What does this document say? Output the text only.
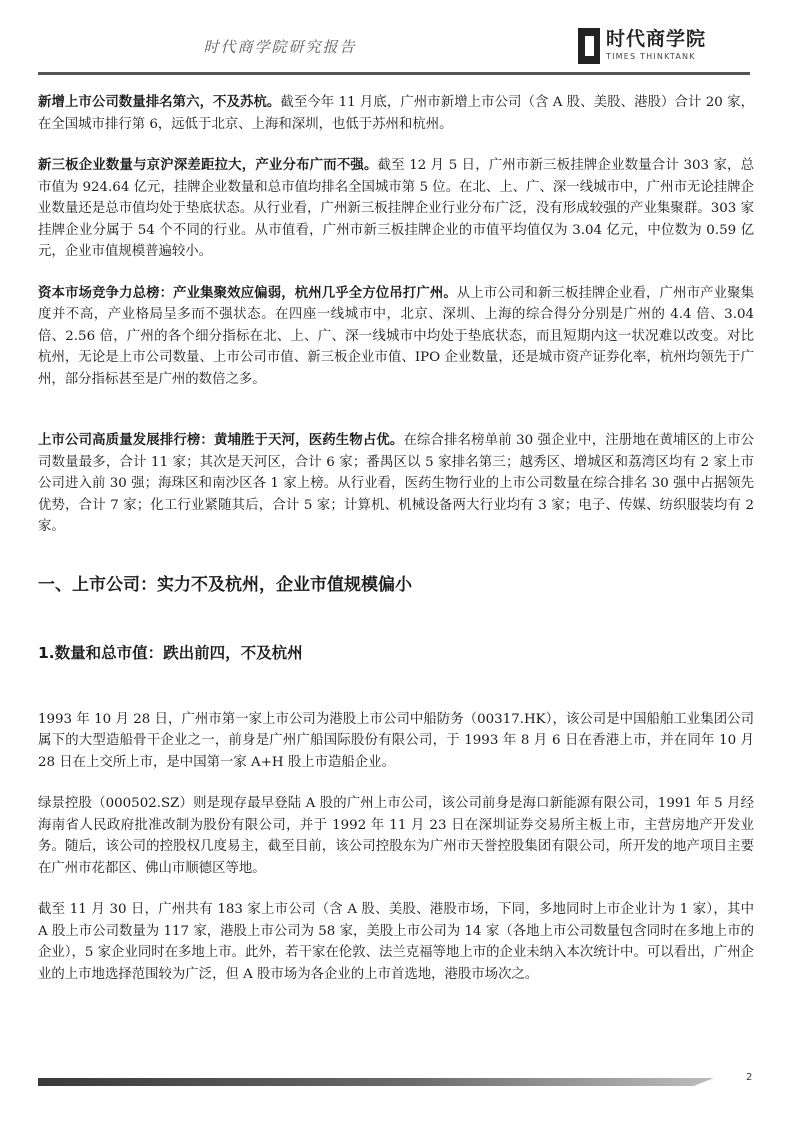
时代商学院研究报告	时代商学院
TIMES THINKTANK

新增上市公司数量排名第六，不及苏杭。截至今年 11 月底，广州市新增上市公司（含 A 股、美股、港股）合计 20 家，在全国城市排行第 6，远低于北京、上海和深圳，也低于苏州和杭州。

新三板企业数量与京沪深差距拉大，产业分布广而不强。截至 12 月 5 日，广州市新三板挂牌企业数量合计 303 家，总市值为 924.64 亿元，挂牌企业数量和总市值均排名全国城市第 5 位。在北、上、广、深一线城市中，广州市无论挂牌企业数量还是总市值均处于垫底状态。从行业看，广州新三板挂牌企业行业分布广泛，没有形成较强的产业集聚群。303 家挂牌企业分属于 54 个不同的行业。从市值看，广州市新三板挂牌企业的市值平均值仅为 3.04 亿元，中位数为 0.59 亿元，企业市值规模普遍较小。

资本市场竞争力总榜：产业集聚效应偏弱，杭州几乎全方位吊打广州。从上市公司和新三板挂牌企业看，广州市产业聚集度并不高，产业格局呈多而不强状态。在四座一线城市中，北京、深圳、上海的综合得分分别是广州的 4.4 倍、3.04 倍、2.56 倍，广州的各个细分指标在北、上、广、深一线城市中均处于垫底状态，而且短期内这一状况难以改变。对比杭州，无论是上市公司数量、上市公司市值、新三板企业市值、IPO 企业数量，还是城市资产证券化率，杭州均领先于广州，部分指标甚至是广州的数倍之多。

上市公司高质量发展排行榜：黄埔胜于天河，医药生物占优。在综合排名榜单前 30 强企业中，注册地在黄埔区的上市公司数量最多，合计 11 家；其次是天河区，合计 6 家；番禺区以 5 家排名第三；越秀区、增城区和荔湾区均有 2 家上市公司进入前 30 强；海珠区和南沙区各 1 家上榜。从行业看，医药生物行业的上市公司数量在综合排名 30 强中占据领先优势，合计 7 家；化工行业紧随其后，合计 5 家；计算机、机械设备两大行业均有 3 家；电子、传媒、纺织服装均有 2 家。

一、上市公司：实力不及杭州，企业市值规模偏小
1.数量和总市值：跌出前四，不及杭州

1993 年 10 月 28 日，广州市第一家上市公司为港股上市公司中船防务（00317.HK），该公司是中国船舶工业集团公司属下的大型造船骨干企业之一，前身是广州广船国际股份有限公司，于 1993 年 8 月 6 日在香港上市，并在同年 10 月 28 日在上交所上市，是中国第一家 A+H 股上市造船企业。

绿景控股（000502.SZ）则是现存最早登陆 A 股的广州上市公司，该公司前身是海口新能源有限公司，1991 年 5 月经海南省人民政府批准改制为股份有限公司，并于 1992 年 11 月 23 日在深圳证券交易所主板上市，主营房地产开发业务。随后，该公司的控股权几度易主，截至目前，该公司控股东为广州市天誉控股集团有限公司，所开发的地产项目主要在广州市花都区、佛山市顺德区等地。

截至 11 月 30 日，广州共有 183 家上市公司（含 A 股、美股、港股市场，下同，多地同时上市企业计为 1 家），其中 A 股上市公司数量为 117 家，港股上市公司为 58 家，美股上市公司为 14 家（各地上市公司数量包含同时在多地上市的企业），5 家企业同时在多地上市。此外，若干家在伦敦、法兰克福等地上市的企业未纳入本次统计中。可以看出，广州企业的上市地选择范围较为广泛，但 A 股市场为各企业的上市首选地，港股市场次之。

2
